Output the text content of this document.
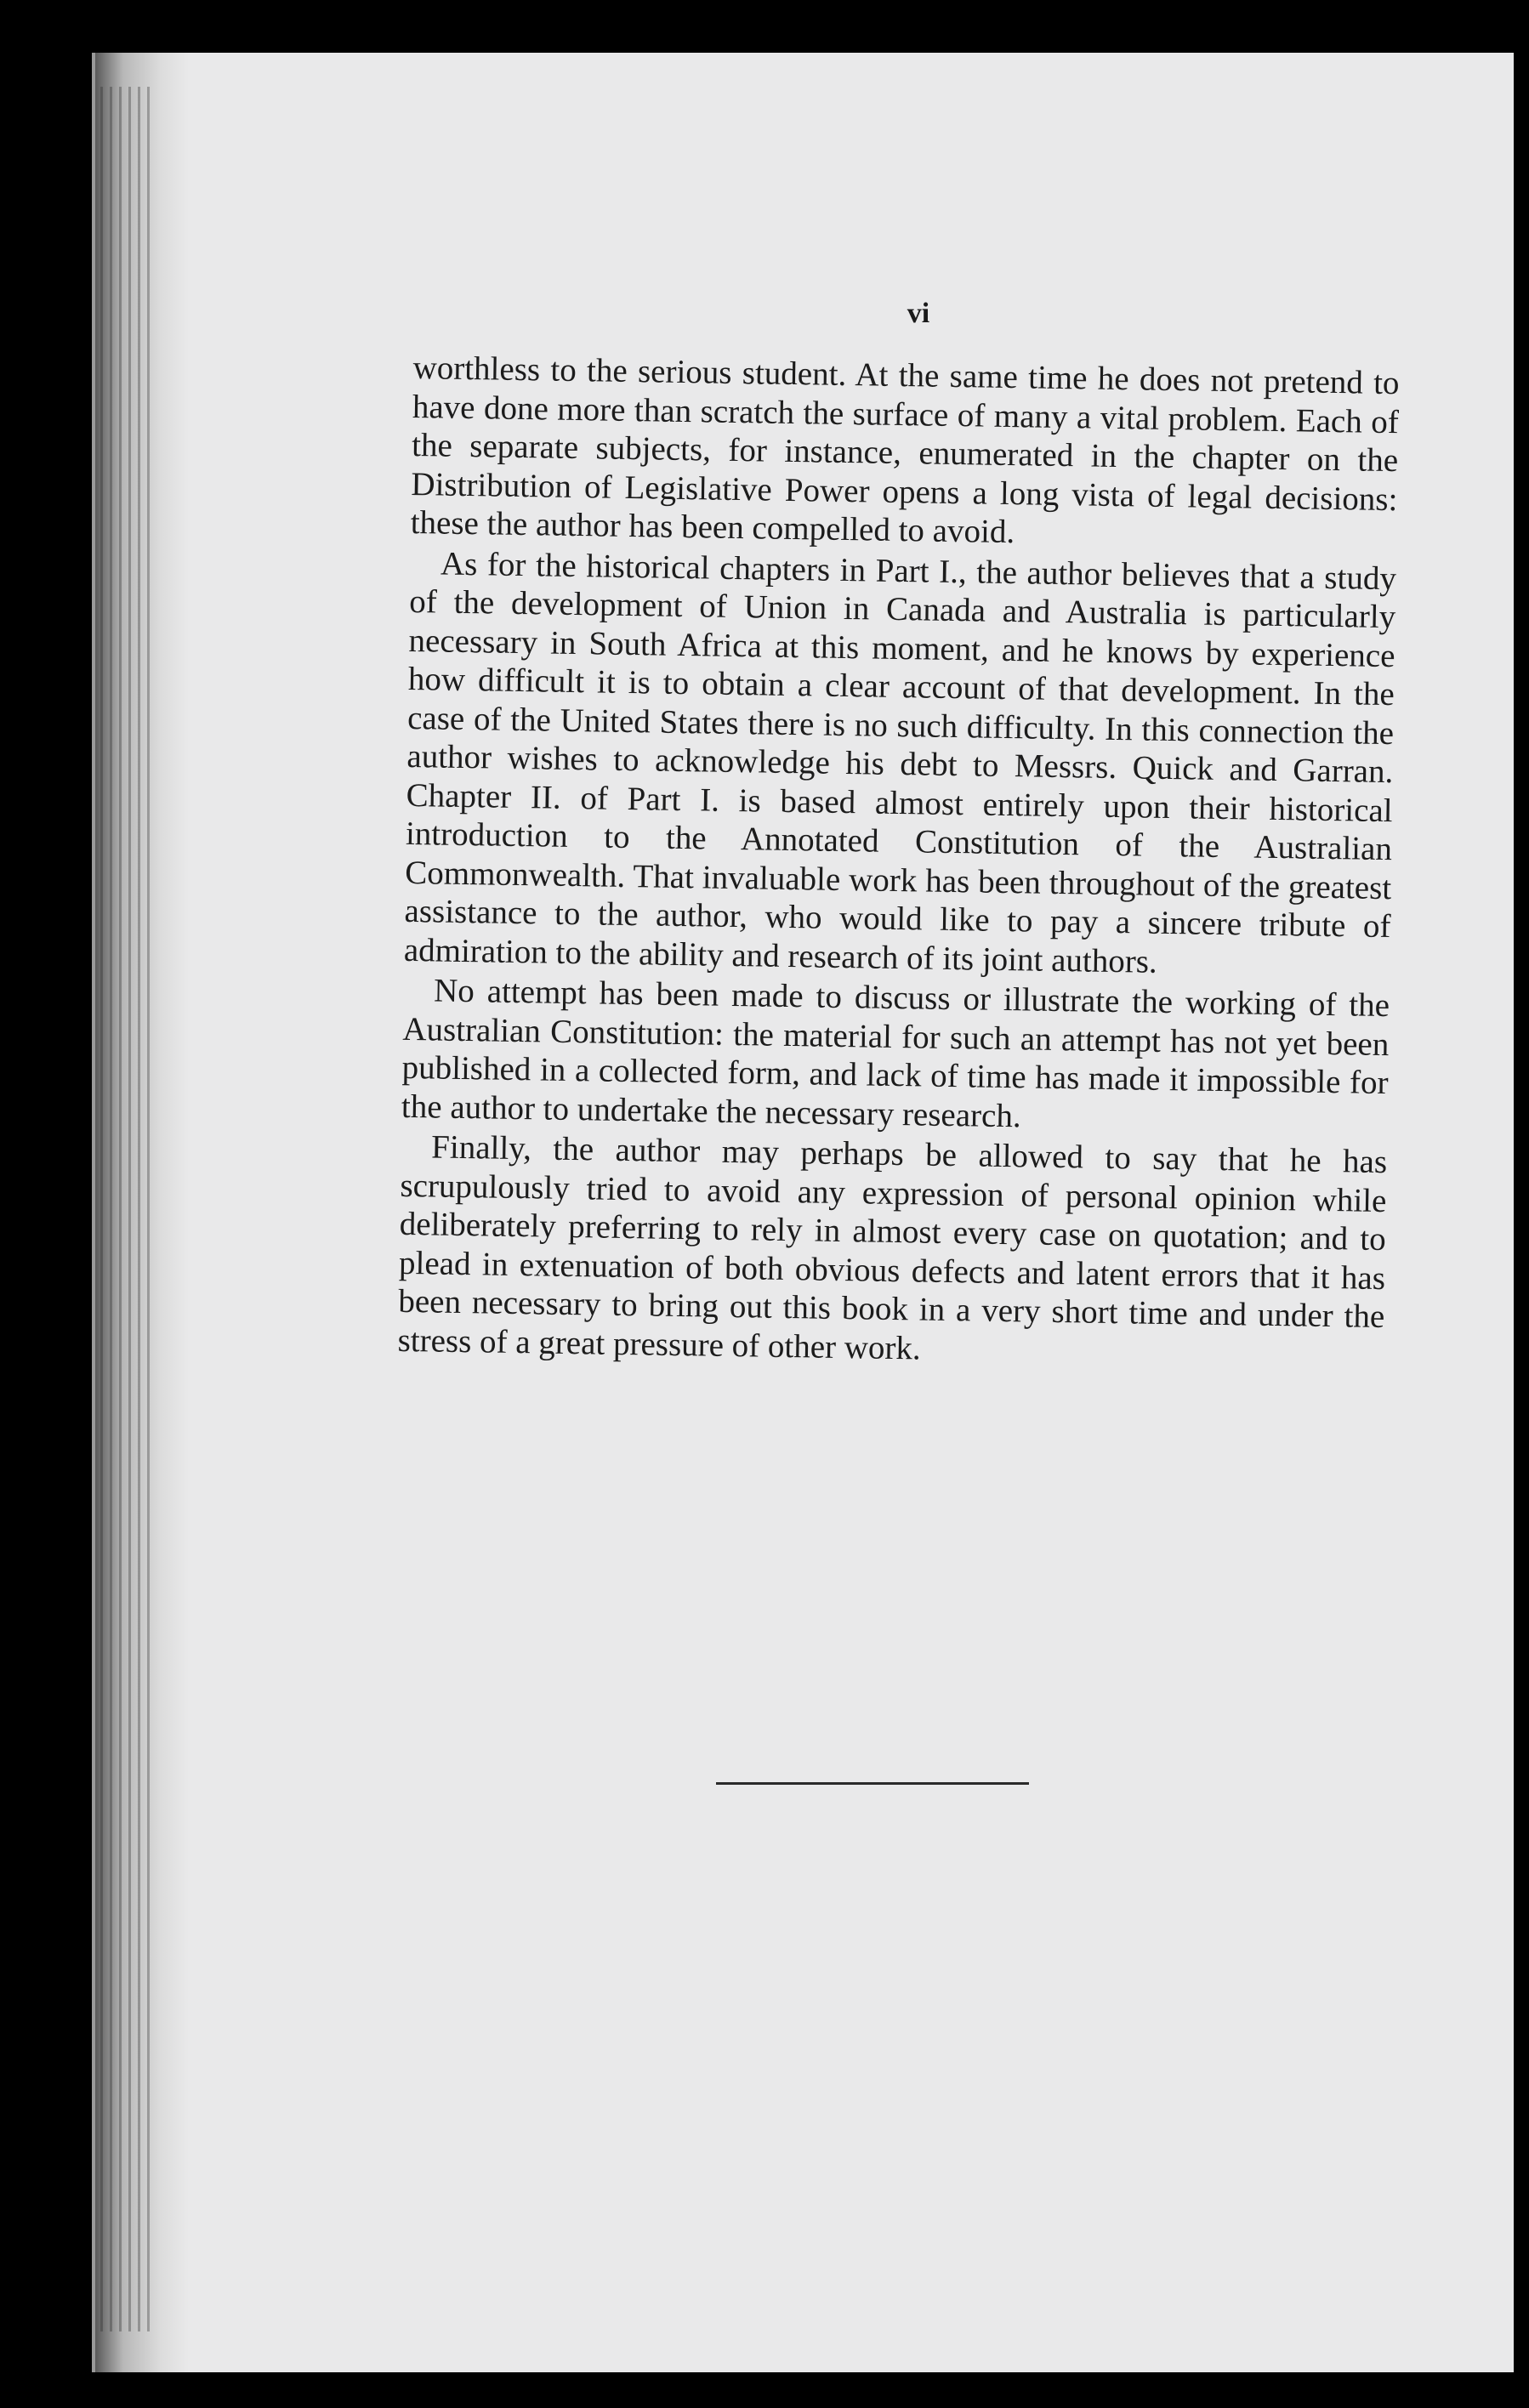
vi

worthless to the serious student. At the same time he does not pretend to have done more than scratch the surface of many a vital problem. Each of the separate subjects, for instance, enumerated in the chapter on the Distribution of Legislative Power opens a long vista of legal decisions: these the author has been compelled to avoid.

As for the historical chapters in Part I., the author believes that a study of the development of Union in Canada and Australia is particularly necessary in South Africa at this moment, and he knows by experience how difficult it is to obtain a clear account of that development. In the case of the United States there is no such difficulty. In this connection the author wishes to acknowledge his debt to Messrs. Quick and Garran. Chapter II. of Part I. is based almost entirely upon their historical introduction to the Annotated Constitution of the Australian Commonwealth. That invaluable work has been throughout of the greatest assistance to the author, who would like to pay a sincere tribute of admiration to the ability and research of its joint authors.

No attempt has been made to discuss or illustrate the working of the Australian Constitution: the material for such an attempt has not yet been published in a collected form, and lack of time has made it impossible for the author to undertake the necessary research.

Finally, the author may perhaps be allowed to say that he has scrupulously tried to avoid any expression of personal opinion while deliberately preferring to rely in almost every case on quotation; and to plead in extenuation of both obvious defects and latent errors that it has been necessary to bring out this book in a very short time and under the stress of a great pressure of other work.
